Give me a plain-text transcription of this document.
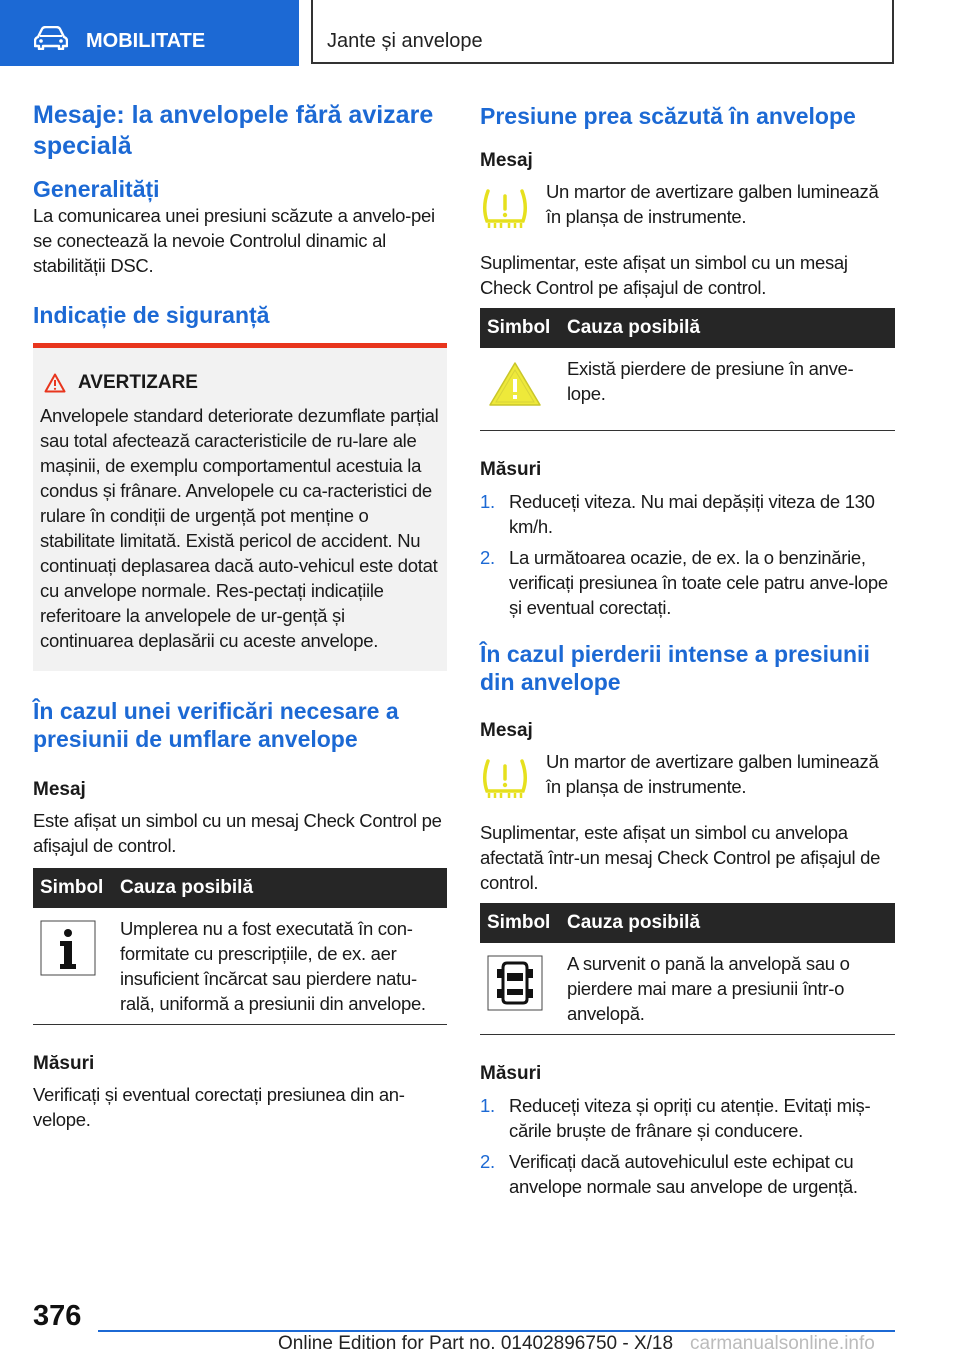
MOBILITATE	Jante și anvelope
Mesaje: la anvelopele fără avizare specială
Generalități

La comunicarea unei presiuni scăzute a anvelo-pei se conectează la nevoie Controlul dinamic al stabilității DSC.

Indicație de siguranță
AVERTIZARE

Anvelopele standard deteriorate dezumflate parțial sau total afectează caracteristicile de ru-lare ale mașinii, de exemplu comportamentul acestuia la condus și frânare. Anvelopele cu ca-racteristici de rulare în condiții de urgență pot menține o stabilitate limitată. Există pericol de accident. Nu continuați deplasarea dacă auto-vehicul este dotat cu anvelope normale. Res-pectați indicațiile referitoare la anvelopele de ur-gență și continuarea deplasării cu aceste anvelope.

În cazul unei verificări necesare a presiunii de umflare anvelope
Mesaj

Este afișat un simbol cu un mesaj Check Control pe afișajul de control.

Simbol	Cauza posibilă
	Umplerea nu a fost executată în con-formitate cu prescripțiile, de ex. aer insuficient încărcat sau pierdere natu-rală, uniformă a presiunii din anvelope.
Măsuri

Verificați și eventual corectați presiunea din an-velope.

Presiune prea scăzută în anvelope
Mesaj

Un martor de avertizare galben luminează în planșa de instrumente.

Suplimentar, este afișat un simbol cu un mesaj Check Control pe afișajul de control.

Simbol	Cauza posibilă
	Există pierdere de presiune în anve-lope.
Măsuri
1. Reduceți viteza. Nu mai depășiți viteza de 130 km/h.
2. La următoarea ocazie, de ex. la o benzinărie, verificați presiunea în toate cele patru anve-lope și eventual corectați.
În cazul pierderii intense a presiunii din anvelope
Mesaj

Un martor de avertizare galben luminează în planșa de instrumente.

Suplimentar, este afișat un simbol cu anvelopa afectată într-un mesaj Check Control pe afișajul de control.

Simbol	Cauza posibilă
	A survenit o pană la anvelopă sau o pierdere mai mare a presiunii într-o anvelopă.
Măsuri
1. Reduceți viteza și opriți cu atenție. Evitați miș-cările bruște de frânare și conducere.
2. Verificați dacă autovehiculul este echipat cu anvelope normale sau anvelope de urgență.
376
Online Edition for Part no. 01402896750 - X/18 carmanualsonline.info
